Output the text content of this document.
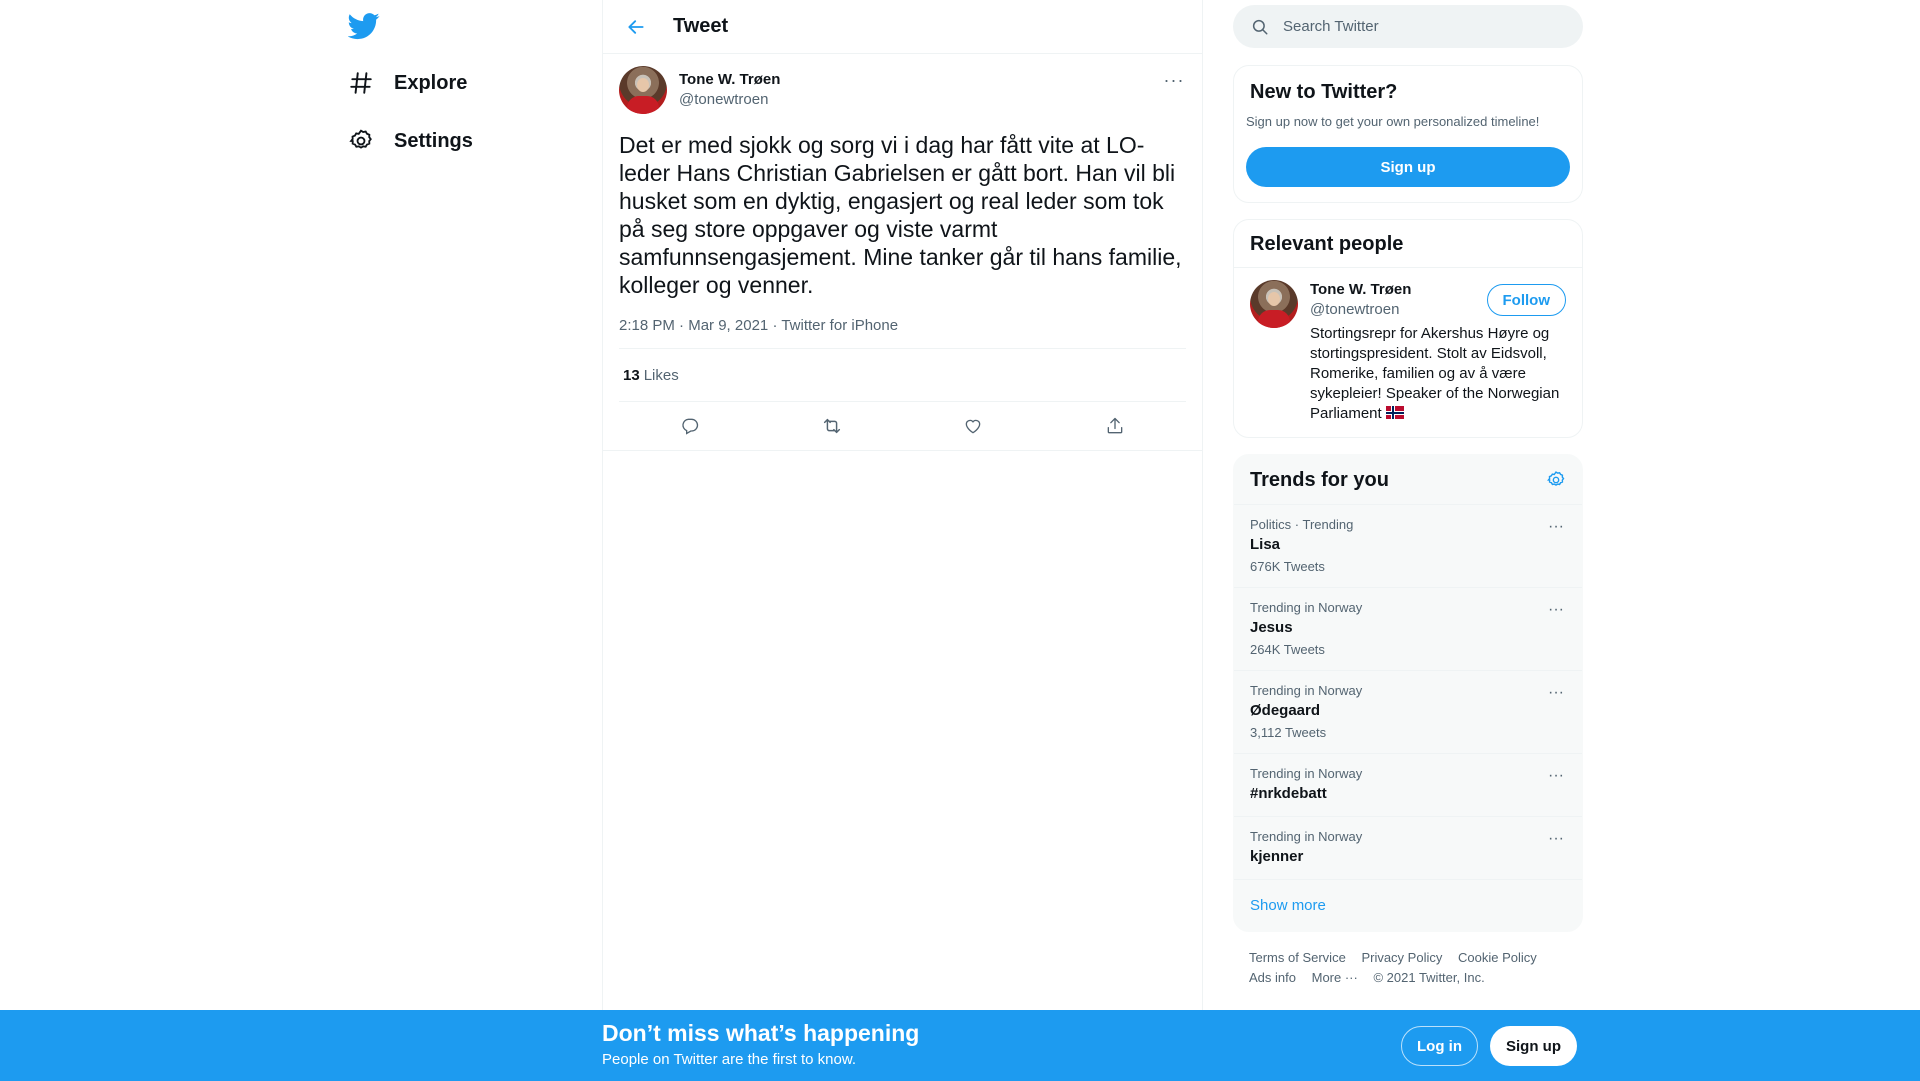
Explore
Settings
Tweet
Tone W. Trøen
@tonewtroen
···
Det er med sjokk og sorg vi i dag har fått vite at LO-leder Hans Christian Gabrielsen er gått bort. Han vil bli husket som en dyktig, engasjert og real leder som tok på seg store oppgaver og viste varmt samfunnsengasjement. Mine tanker går til hans familie, kolleger og venner.
2:18 PM · Mar 9, 2021 · Twitter for iPhone
13 Likes
Search Twitter
New to Twitter?

Sign up now to get your own personalized timeline!

Sign up
Relevant people
Tone W. Trøen
@tonewtroen
Stortingsrepr for Akershus Høyre og stortingspresident. Stolt av Eidsvoll, Romerike, familien og av å være sykepleier! Speaker of the Norwegian Parliament
Follow
Trends for you
Politics · Trending
Lisa
676K Tweets
···
Trending in Norway
Jesus
264K Tweets
···
Trending in Norway
Ødegaard
3,112 Tweets
···
Trending in Norway
#nrkdebatt
···
Trending in Norway
kjenner
···
Show more
Terms of Service Privacy Policy Cookie Policy Ads info More ··· © 2021 Twitter, Inc.
Don’t miss what’s happening
People on Twitter are the first to know.
Log in	Sign up
